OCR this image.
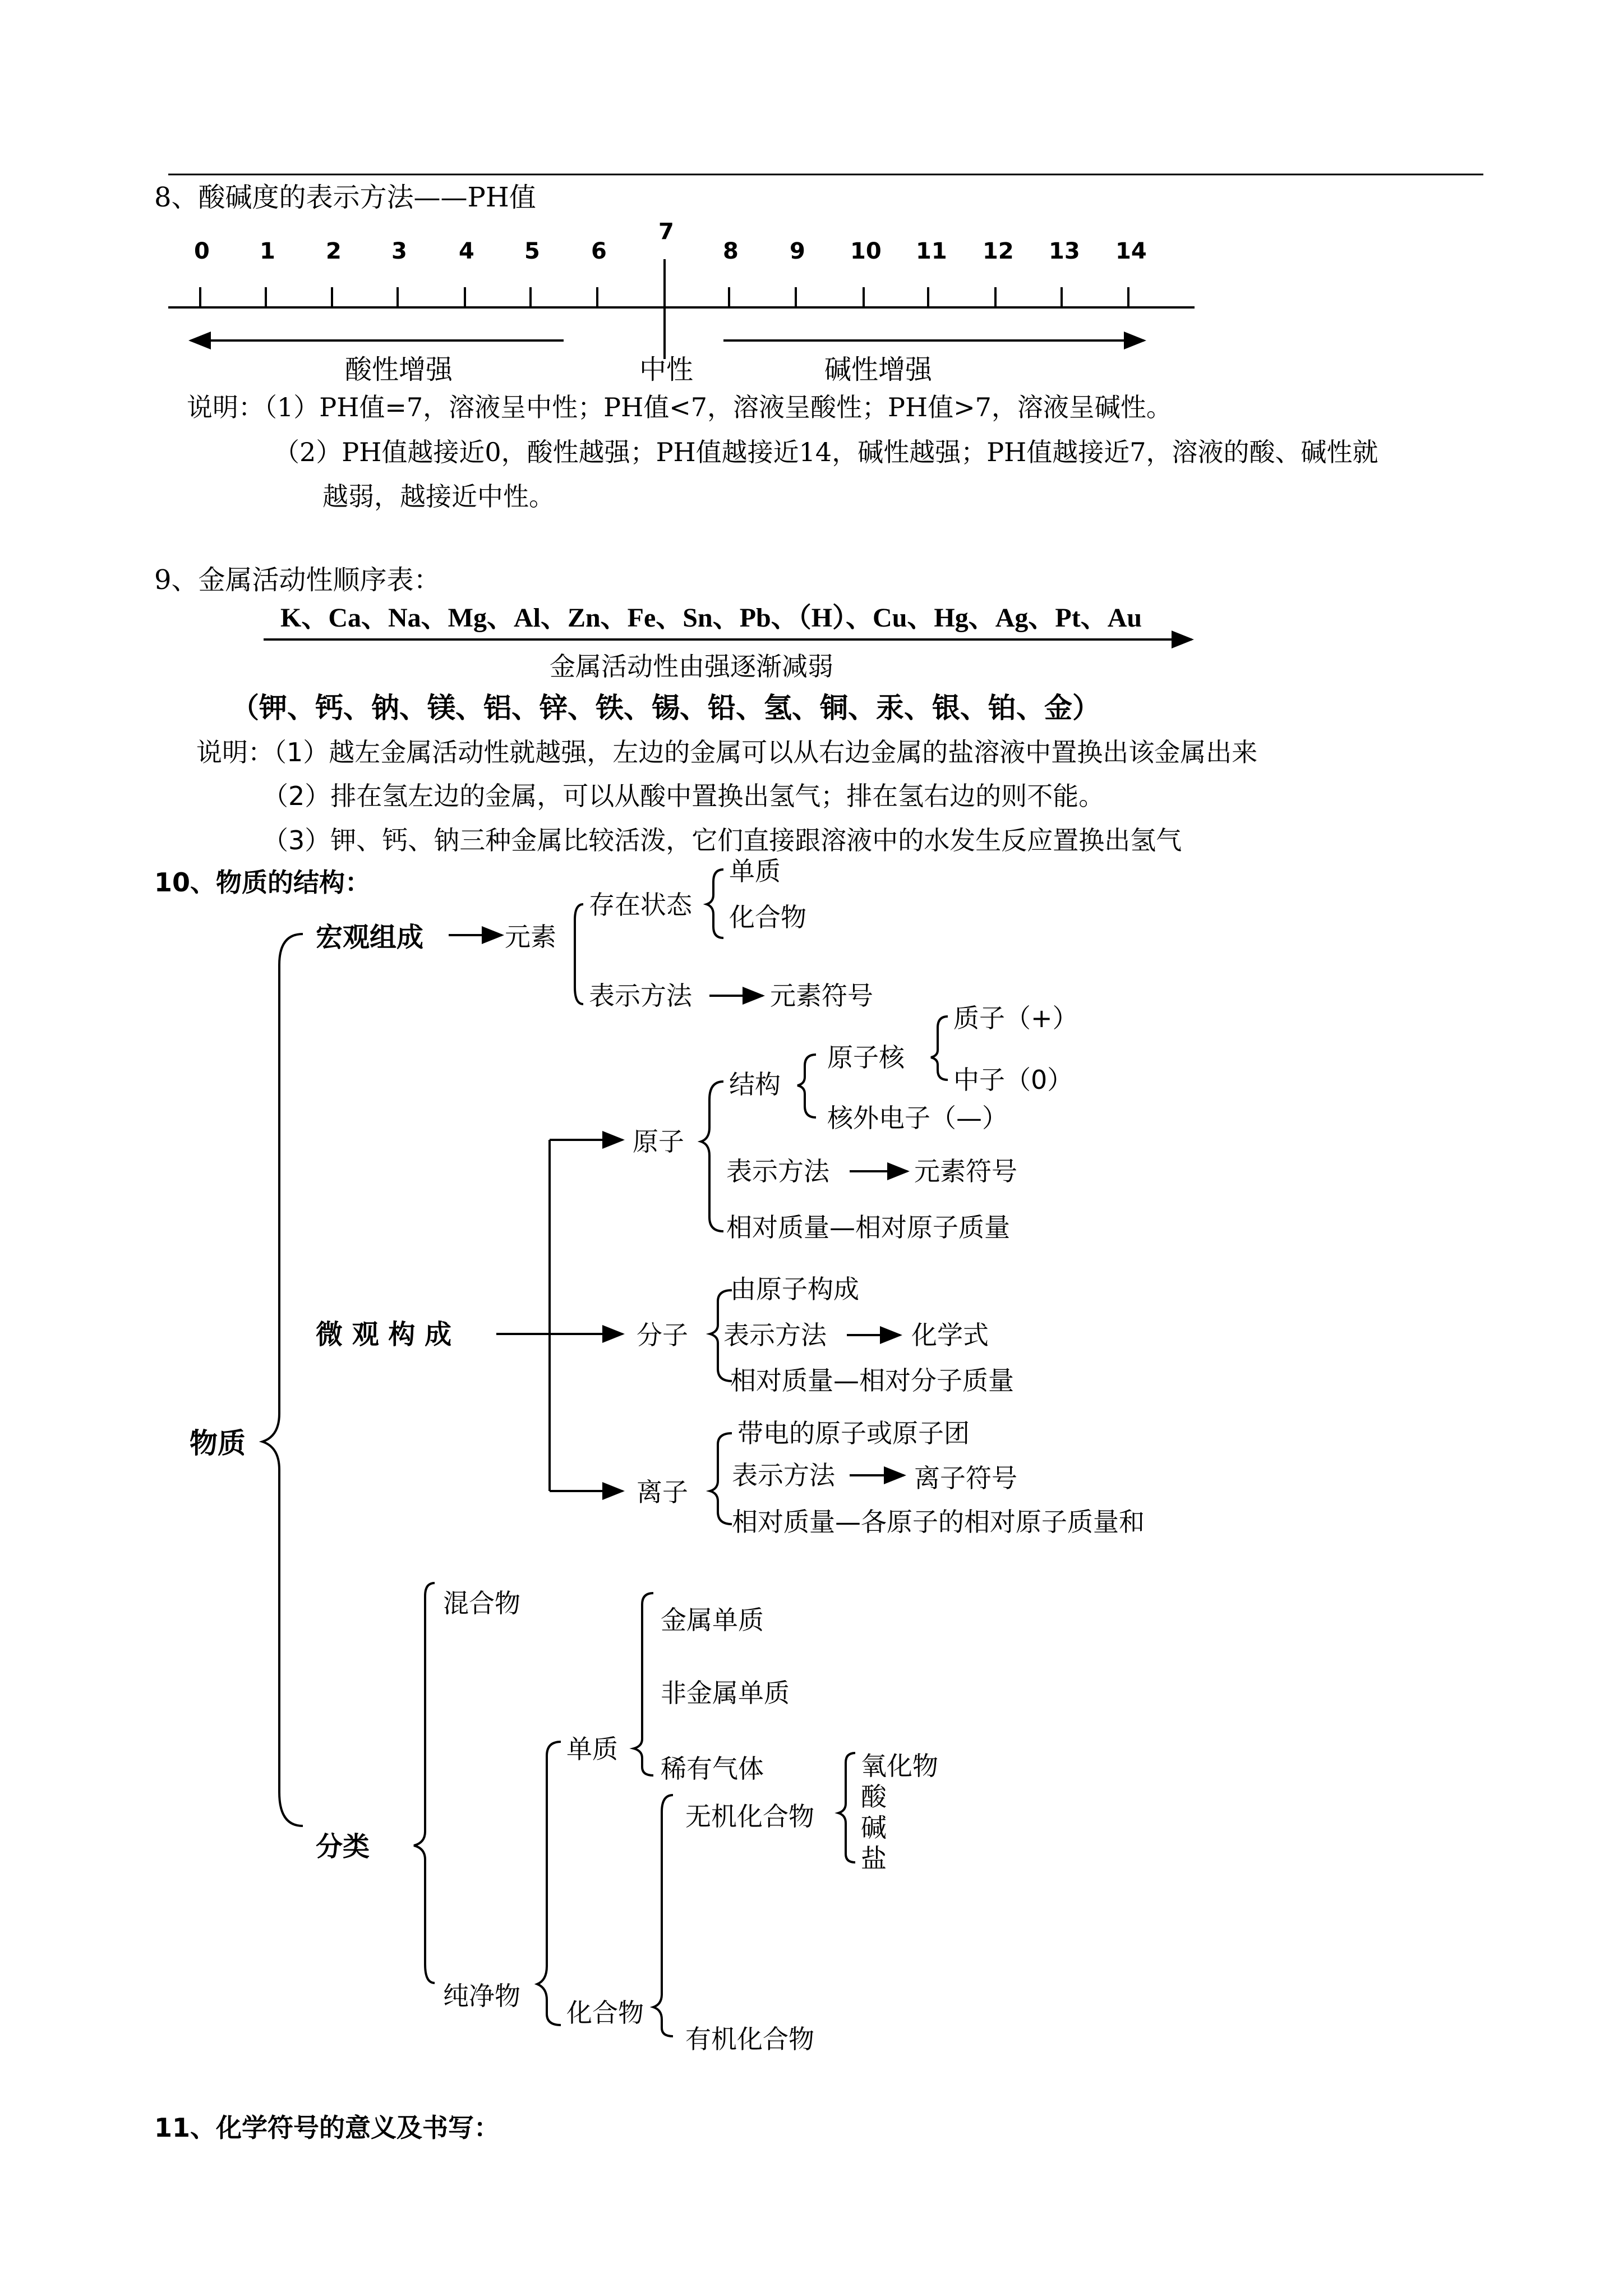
8、酸碱度的表示方法——PH值
0 1 2 3 4 5 6
7
8 9 10 11 12 13 14
酸性增强	中性	碱性增强
说明：（1）PH值=7，溶液呈中性；PH值<7，溶液呈酸性；PH值>7，溶液呈碱性。
（2）PH值越接近0，酸性越强；PH值越接近14，碱性越强；PH值越接近7，溶液的酸、碱性就
越弱，越接近中性。
9、金属活动性顺序表：
K、Ca、Na、Mg、Al、Zn、Fe、Sn、Pb、（H）、Cu、Hg、Ag、Pt、Au
金属活动性由强逐渐减弱
（钾、钙、钠、镁、铝、锌、铁、锡、铅、氢、铜、汞、银、铂、金）
说明：（1）越左金属活动性就越强，左边的金属可以从右边金属的盐溶液中置换出该金属出来
（2）排在氢左边的金属，可以从酸中置换出氢气；排在氢右边的则不能。
（3）钾、钙、钠三种金属比较活泼，它们直接跟溶液中的水发生反应置换出氢气
10、物质的结构：
物质
宏观组成	元素
存在状态
单质
化合物
表示方法	元素符号
微 观 构 成
原子
结构
原子核
质子（+）
中子（0）
核外电子（—）
表示方法	元素符号
相对质量—相对原子质量
分子
由原子构成
表示方法	化学式
相对质量—相对分子质量
离子
带电的原子或原子团
表示方法	离子符号
相对质量—各原子的相对原子质量和
分类
混合物
纯净物
单质
金属单质
非金属单质
稀有气体
化合物
无机化合物
氧化物
酸
碱
盐
有机化合物
11、化学符号的意义及书写：
